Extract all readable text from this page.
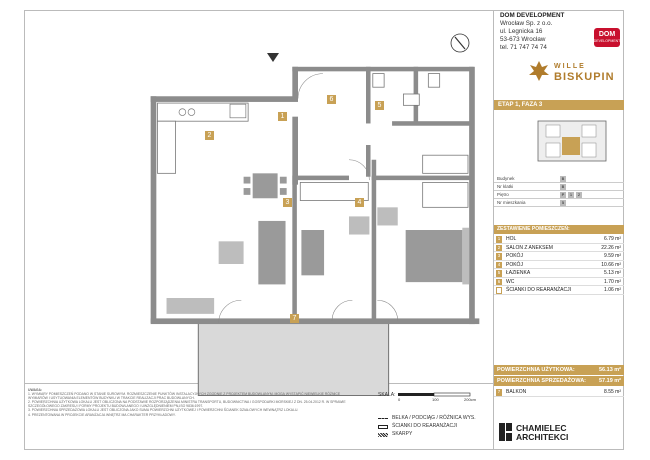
1
2
3	4
5
6
7
DOM DEVELOPMENT
Wrocław Sp. z o.o.
ul. Legnicka 16
53-673 Wrocław
tel. 71 747 74 74
DOM
DEVELOPMENT
WILLE
BISKUPIN
ETAP 1, FAZA 3
Budynek	B
Nr klatki	B
Piętro	P	1	2
Nr mieszkania	5
ZESTAWIENIE POMIESZCZEŃ:
1	HOL	6.79 m²
2	SALON Z ANEKSEM	22.26 m²
3	POKÓJ	9.59 m²
4	POKÓJ	10.66 m²
5	ŁAZIENKA	5.13 m²
6	WC	1.70 m²
ŚCIANKI DO REARANŻACJI	1.06 m²
POWIERZCHNIA UŻYTKOWA:	56.13 m²
POWIERZCHNIA SPRZEDAŻOWA: 57.19 m²
7	BALKON	8.55 m²
UWAGA:
1. WYMIARY POMIESZCZEŃ PODANO W STANIE SUROWYM. ROZMIESZCZENIE PUNKTÓW INSTALACYJNYCH ZGODNIE Z PROJEKTEM BUDOWLANYM. MOGĄ WYSTĄPIĆ NIEWIELKIE RÓŻNICE WYMIARÓW I USYTUOWANIA ELEMENTÓW BUDYNKU W TRAKCIE REALIZACJI PRAC BUDOWLANYCH.
2. POWIERZCHNIA UŻYTKOWA LOKALU JEST OBLICZONA NA PODSTAWIE ROZPORZĄDZENIA MINISTRA TRANSPORTU, BUDOWNICTWA I GOSPODARKI MORSKIEJ Z DN. 25.04.2012 R. W SPRAWIE SZCZEGÓŁOWEGO ZAKRESU I FORMY PROJEKTU BUDOWLANEGO I UWZGLĘDNIENIEM PN-ISO 9836:1997.
3. POWIERZCHNIA SPRZEDAŻOWA LOKALU JEST OBLICZONA JAKO SUMA POWIERZCHNI UŻYTKOWEJ I POWIERZCHNI ŚCIANEK DZIAŁOWYCH WEWNĄTRZ LOKALU.
4. PREZENTOWANA W PROJEKCIE ARANŻACJA WNĘTRZ MA CHARAKTER PRZYKŁADOWY.
SKALA:
0	100	200cm
BELKA / PODCIĄG / RÓŻNICA WYS.
ŚCIANKI DO REARANŻACJI
SKARPY
CHAMIELEC
ARCHITEKCI
